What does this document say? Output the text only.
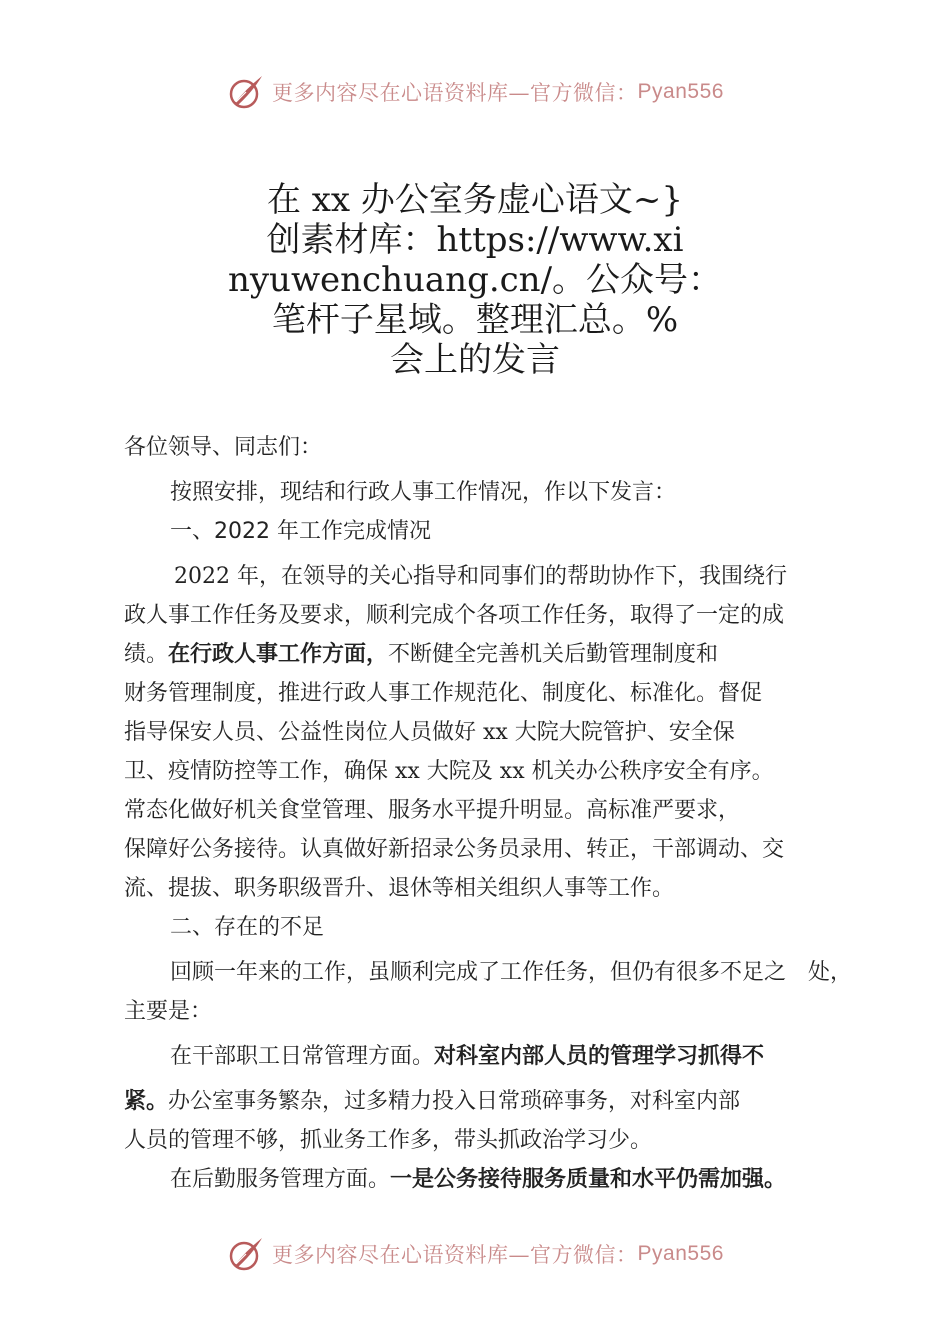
更多内容尽在心语资料库—官方微信： Pyan556
在 xx 办公室务虚心语文~}
创素材库：https://www.xi
nyuwenchuang.cn/。公众号：
笔杆子星域。整理汇总。%
会上的发言
各位领导、同志们：
按照安排，现结和行政人事工作情况，作以下发言：
一、2022 年工作完成情况
2022 年，在领导的关心指导和同事们的帮助协作下，我围绕行
政人事工作任务及要求，顺利完成个各项工作任务，取得了一定的成
绩。在行政人事工作方面，不断健全完善机关后勤管理制度和
财务管理制度，推进行政人事工作规范化、制度化、标准化。督促
指导保安人员、公益性岗位人员做好 xx 大院大院管护、安全保
卫、疫情防控等工作，确保 xx 大院及 xx 机关办公秩序安全有序。
常态化做好机关食堂管理、服务水平提升明显。高标准严要求，
保障好公务接待。认真做好新招录公务员录用、转正，干部调动、交
流、提拔、职务职级晋升、退休等相关组织人事等工作。
二、存在的不足
回顾一年来的工作，虽顺利完成了工作任务，但仍有很多不足之　处，
主要是：
在干部职工日常管理方面。对科室内部人员的管理学习抓得不
紧。办公室事务繁杂，过多精力投入日常琐碎事务，对科室内部
人员的管理不够，抓业务工作多，带头抓政治学习少。
在后勤服务管理方面。一是公务接待服务质量和水平仍需加强。
更多内容尽在心语资料库—官方微信： Pyan556
